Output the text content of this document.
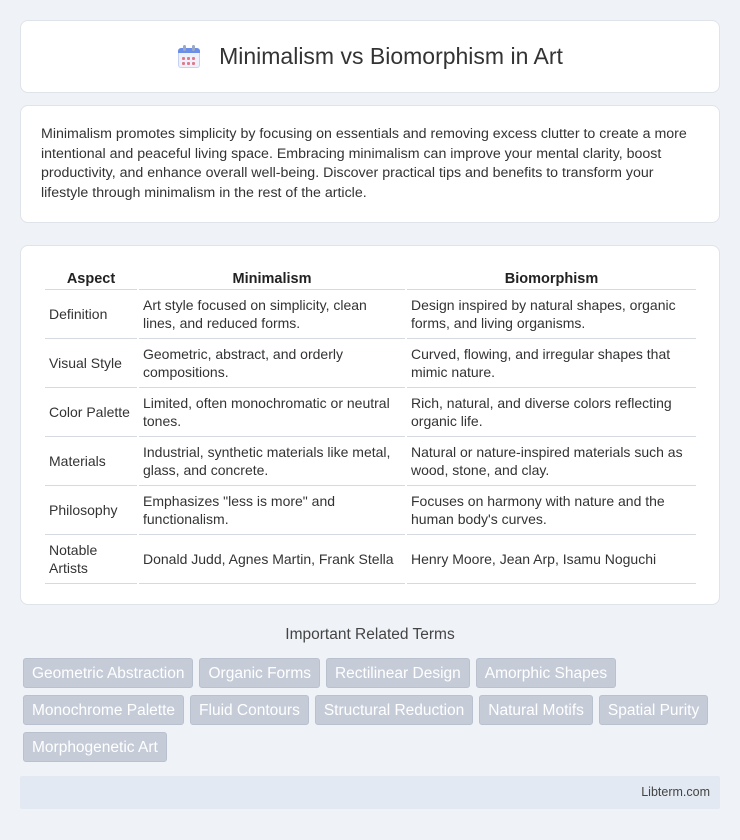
Minimalism vs Biomorphism in Art

Minimalism promotes simplicity by focusing on essentials and removing excess clutter to create a more intentional and peaceful living space. Embracing minimalism can improve your mental clarity, boost productivity, and enhance overall well-being. Discover practical tips and benefits to transform your lifestyle through minimalism in the rest of the article.

Aspect	Minimalism	Biomorphism
Definition	Art style focused on simplicity, clean lines, and reduced forms.	Design inspired by natural shapes, organic forms, and living organisms.
Visual Style	Geometric, abstract, and orderly compositions.	Curved, flowing, and irregular shapes that mimic nature.
Color Palette	Limited, often monochromatic or neutral tones.	Rich, natural, and diverse colors reflecting organic life.
Materials	Industrial, synthetic materials like metal, glass, and concrete.	Natural or nature-inspired materials such as wood, stone, and clay.
Philosophy	Emphasizes "less is more" and functionalism.	Focuses on harmony with nature and the human body's curves.
Notable Artists	Donald Judd, Agnes Martin, Frank Stella	Henry Moore, Jean Arp, Isamu Noguchi
Important Related Terms
Geometric Abstraction	Organic Forms	Rectilinear Design	Amorphic Shapes
Monochrome Palette	Fluid Contours	Structural Reduction	Natural Motifs	Spatial Purity
Morphogenetic Art
Libterm.com
